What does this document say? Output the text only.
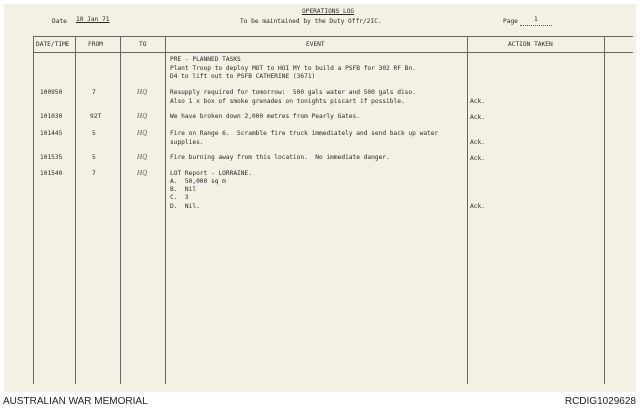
OPERATIONS LOG
Date 10 Jan 71	To be maintained by the Duty Offr/2IC.	Page	1
DATE/TIME	FROM	TO	EVENT	ACTION TAKEN
PRE - PLANNED TASKS
Plant Troop to deploy MOT to HOI MY to build a PSFB for 302 RF Bn.
D4 to lift out to PSFB CATHERINE (3671)
100950	7	HQ	Resupply required for tomorrow:  500 gals water and 500 gals diso.
Also 1 x box of smoke grenades on tonights piscart if possible.	Ack.
101030	92T	HQ	We have broken down 2,000 metres from Pearly Gates.	Ack.
101445	5	HQ	Fire on Range 6.  Scramble fire truck immediately and send back up water
supplies.	Ack.
101535	5	HQ	Fire burning away from this location.  No immediate danger.	Ack.
101540	7	HQ	LOT Report - LORRAINE.
A.  50,000 sq m
B.  Nil
C.  3
D.  Nil.	Ack.
AUSTRALIAN WAR MEMORIAL	RCDIG1029628
